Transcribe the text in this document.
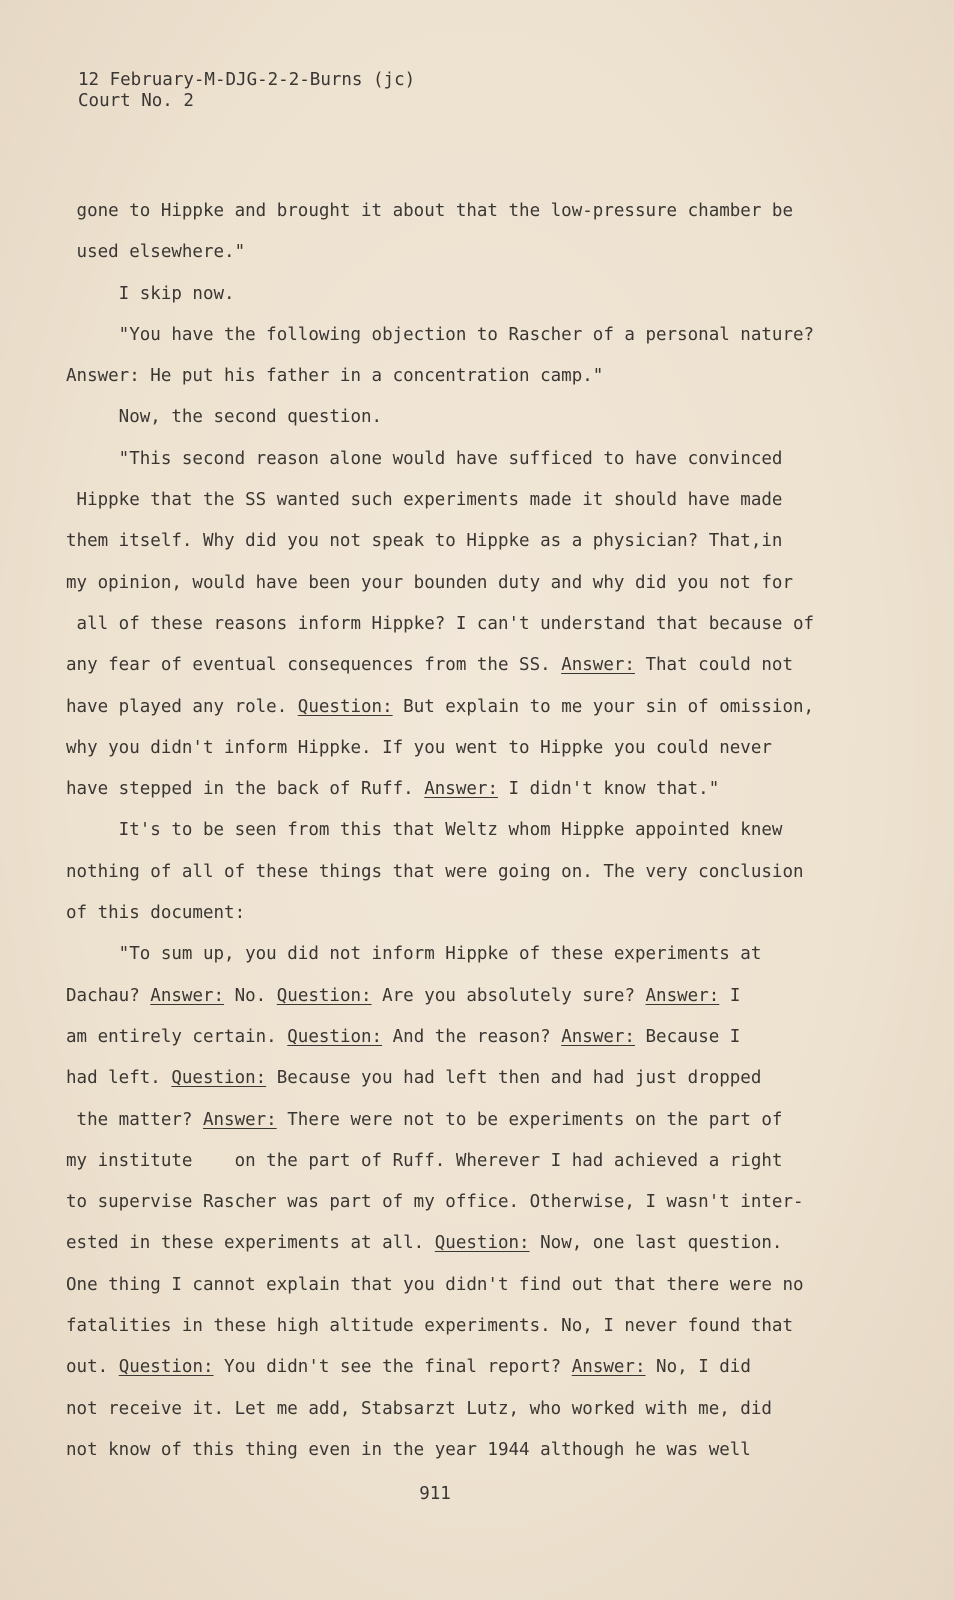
12 February-M-DJG-2-2-Burns (jc)
Court No. 2
gone to Hippke and brought it about that the low-pressure chamber be
used elsewhere."
I skip now.
"You have the following objection to Rascher of a personal nature?
Answer: He put his father in a concentration camp."
Now, the second question.
"This second reason alone would have sufficed to have convinced
Hippke that the SS wanted such experiments made it should have made
them itself. Why did you not speak to Hippke as a physician? That,in
my opinion, would have been your bounden duty and why did you not for
all of these reasons inform Hippke? I can't understand that because of
any fear of eventual consequences from the SS. Answer: That could not
have played any role. Question: But explain to me your sin of omission,
why you didn't inform Hippke. If you went to Hippke you could never
have stepped in the back of Ruff. Answer: I didn't know that."
It's to be seen from this that Weltz whom Hippke appointed knew
nothing of all of these things that were going on. The very conclusion
of this document:
"To sum up, you did not inform Hippke of these experiments at
Dachau? Answer: No. Question: Are you absolutely sure? Answer: I
am entirely certain. Question: And the reason? Answer: Because I
had left. Question: Because you had left then and had just dropped
the matter? Answer: There were not to be experiments on the part of
my institute    on the part of Ruff. Wherever I had achieved a right
to supervise Rascher was part of my office. Otherwise, I wasn't inter-
ested in these experiments at all. Question: Now, one last question.
One thing I cannot explain that you didn't find out that there were no
fatalities in these high altitude experiments. No, I never found that
out. Question: You didn't see the final report? Answer: No, I did
not receive it. Let me add, Stabsarzt Lutz, who worked with me, did
not know of this thing even in the year 1944 although he was well
911
